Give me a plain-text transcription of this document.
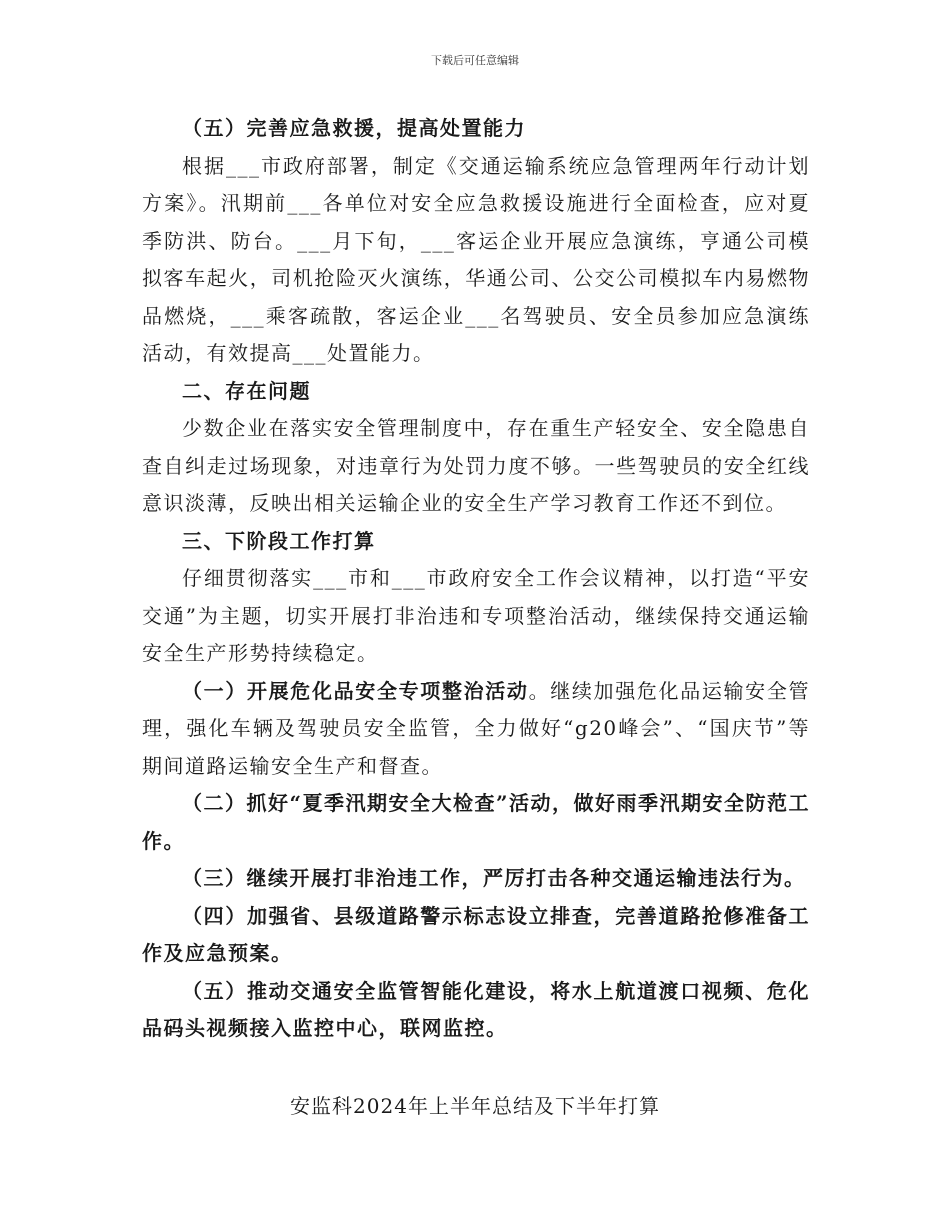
下载后可任意编辑

（五）完善应急救援，提高处置能力

根据___市政府部署，制定《交通运输系统应急管理两年行动计划方案》。汛期前___各单位对安全应急救援设施进行全面检查，应对夏季防洪、防台。___月下旬，___客运企业开展应急演练，亨通公司模拟客车起火，司机抢险灭火演练，华通公司、公交公司模拟车内易燃物品燃烧，___乘客疏散，客运企业___名驾驶员、安全员参加应急演练活动，有效提高___处置能力。

二、存在问题

少数企业在落实安全管理制度中，存在重生产轻安全、安全隐患自查自纠走过场现象，对违章行为处罚力度不够。一些驾驶员的安全红线意识淡薄，反映出相关运输企业的安全生产学习教育工作还不到位。

三、下阶段工作打算

仔细贯彻落实___市和___市政府安全工作会议精神，以打造“平安交通”为主题，切实开展打非治违和专项整治活动，继续保持交通运输安全生产形势持续稳定。

（一）开展危化品安全专项整治活动。继续加强危化品运输安全管理，强化车辆及驾驶员安全监管，全力做好“g20峰会”、“国庆节”等期间道路运输安全生产和督查。

（二）抓好“夏季汛期安全大检查”活动，做好雨季汛期安全防范工作。

（三）继续开展打非治违工作，严厉打击各种交通运输违法行为。

（四）加强省、县级道路警示标志设立排查，完善道路抢修准备工作及应急预案。

（五）推动交通安全监管智能化建设，将水上航道渡口视频、危化品码头视频接入监控中心，联网监控。

安监科2024年上半年总结及下半年打算
